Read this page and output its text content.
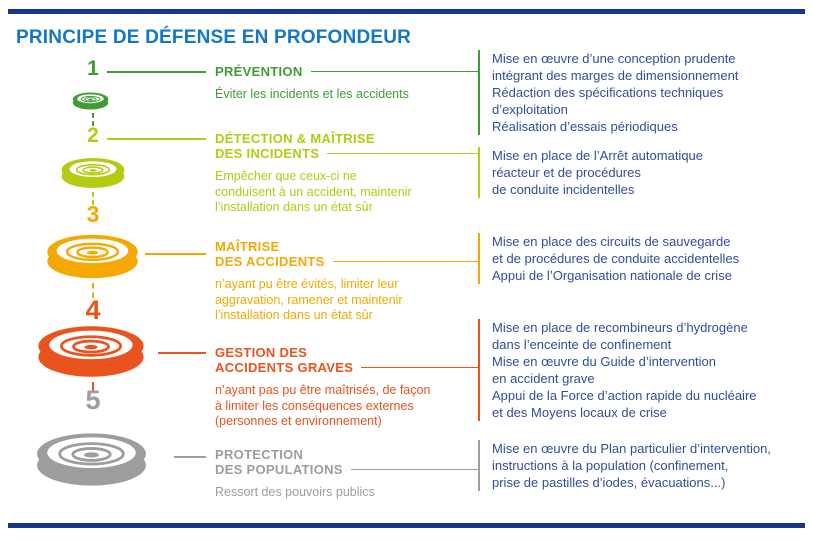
PRINCIPE DE DÉFENSE EN PROFONDEUR
1	PRÉVENTION
Éviter les incidents et les accidents
Mise en œuvre d’une conception prudente
intégrant des marges de dimensionnement
Rédaction des spécifications techniques
d’exploitation
Réalisation d’essais périodiques
2	DÉTECTION & MAÎTRISE
DES INCIDENTS
Empêcher que ceux-ci ne
conduisent à un accident, maintenir
l’installation dans un état sûr
Mise en place de l’Arrêt automatique
réacteur et de procédures
de conduite incidentelles
3
MAÎTRISE
DES ACCIDENTS
n’ayant pu être évités, limiter leur
aggravation, ramener et maintenir
l’installation dans un état sûr
Mise en place des circuits de sauvegarde
et de procédures de conduite accidentelles
Appui de l’Organisation nationale de crise
4
GESTION DES
ACCIDENTS GRAVES
n’ayant pas pu être maîtrisés, de façon
à limiter les conséquences externes
(personnes et environnement)
Mise en place de recombineurs d’hydrogène
dans l’enceinte de confinement
Mise en œuvre du Guide d’intervention
en accident grave
Appui de la Force d’action rapide du nucléaire
et des Moyens locaux de crise
5
PROTECTION
DES POPULATIONS
Ressort des pouvoirs publics
Mise en œuvre du Plan particulier d’intervention,
instructions à la population (confinement,
prise de pastilles d’iodes, évacuations...)
